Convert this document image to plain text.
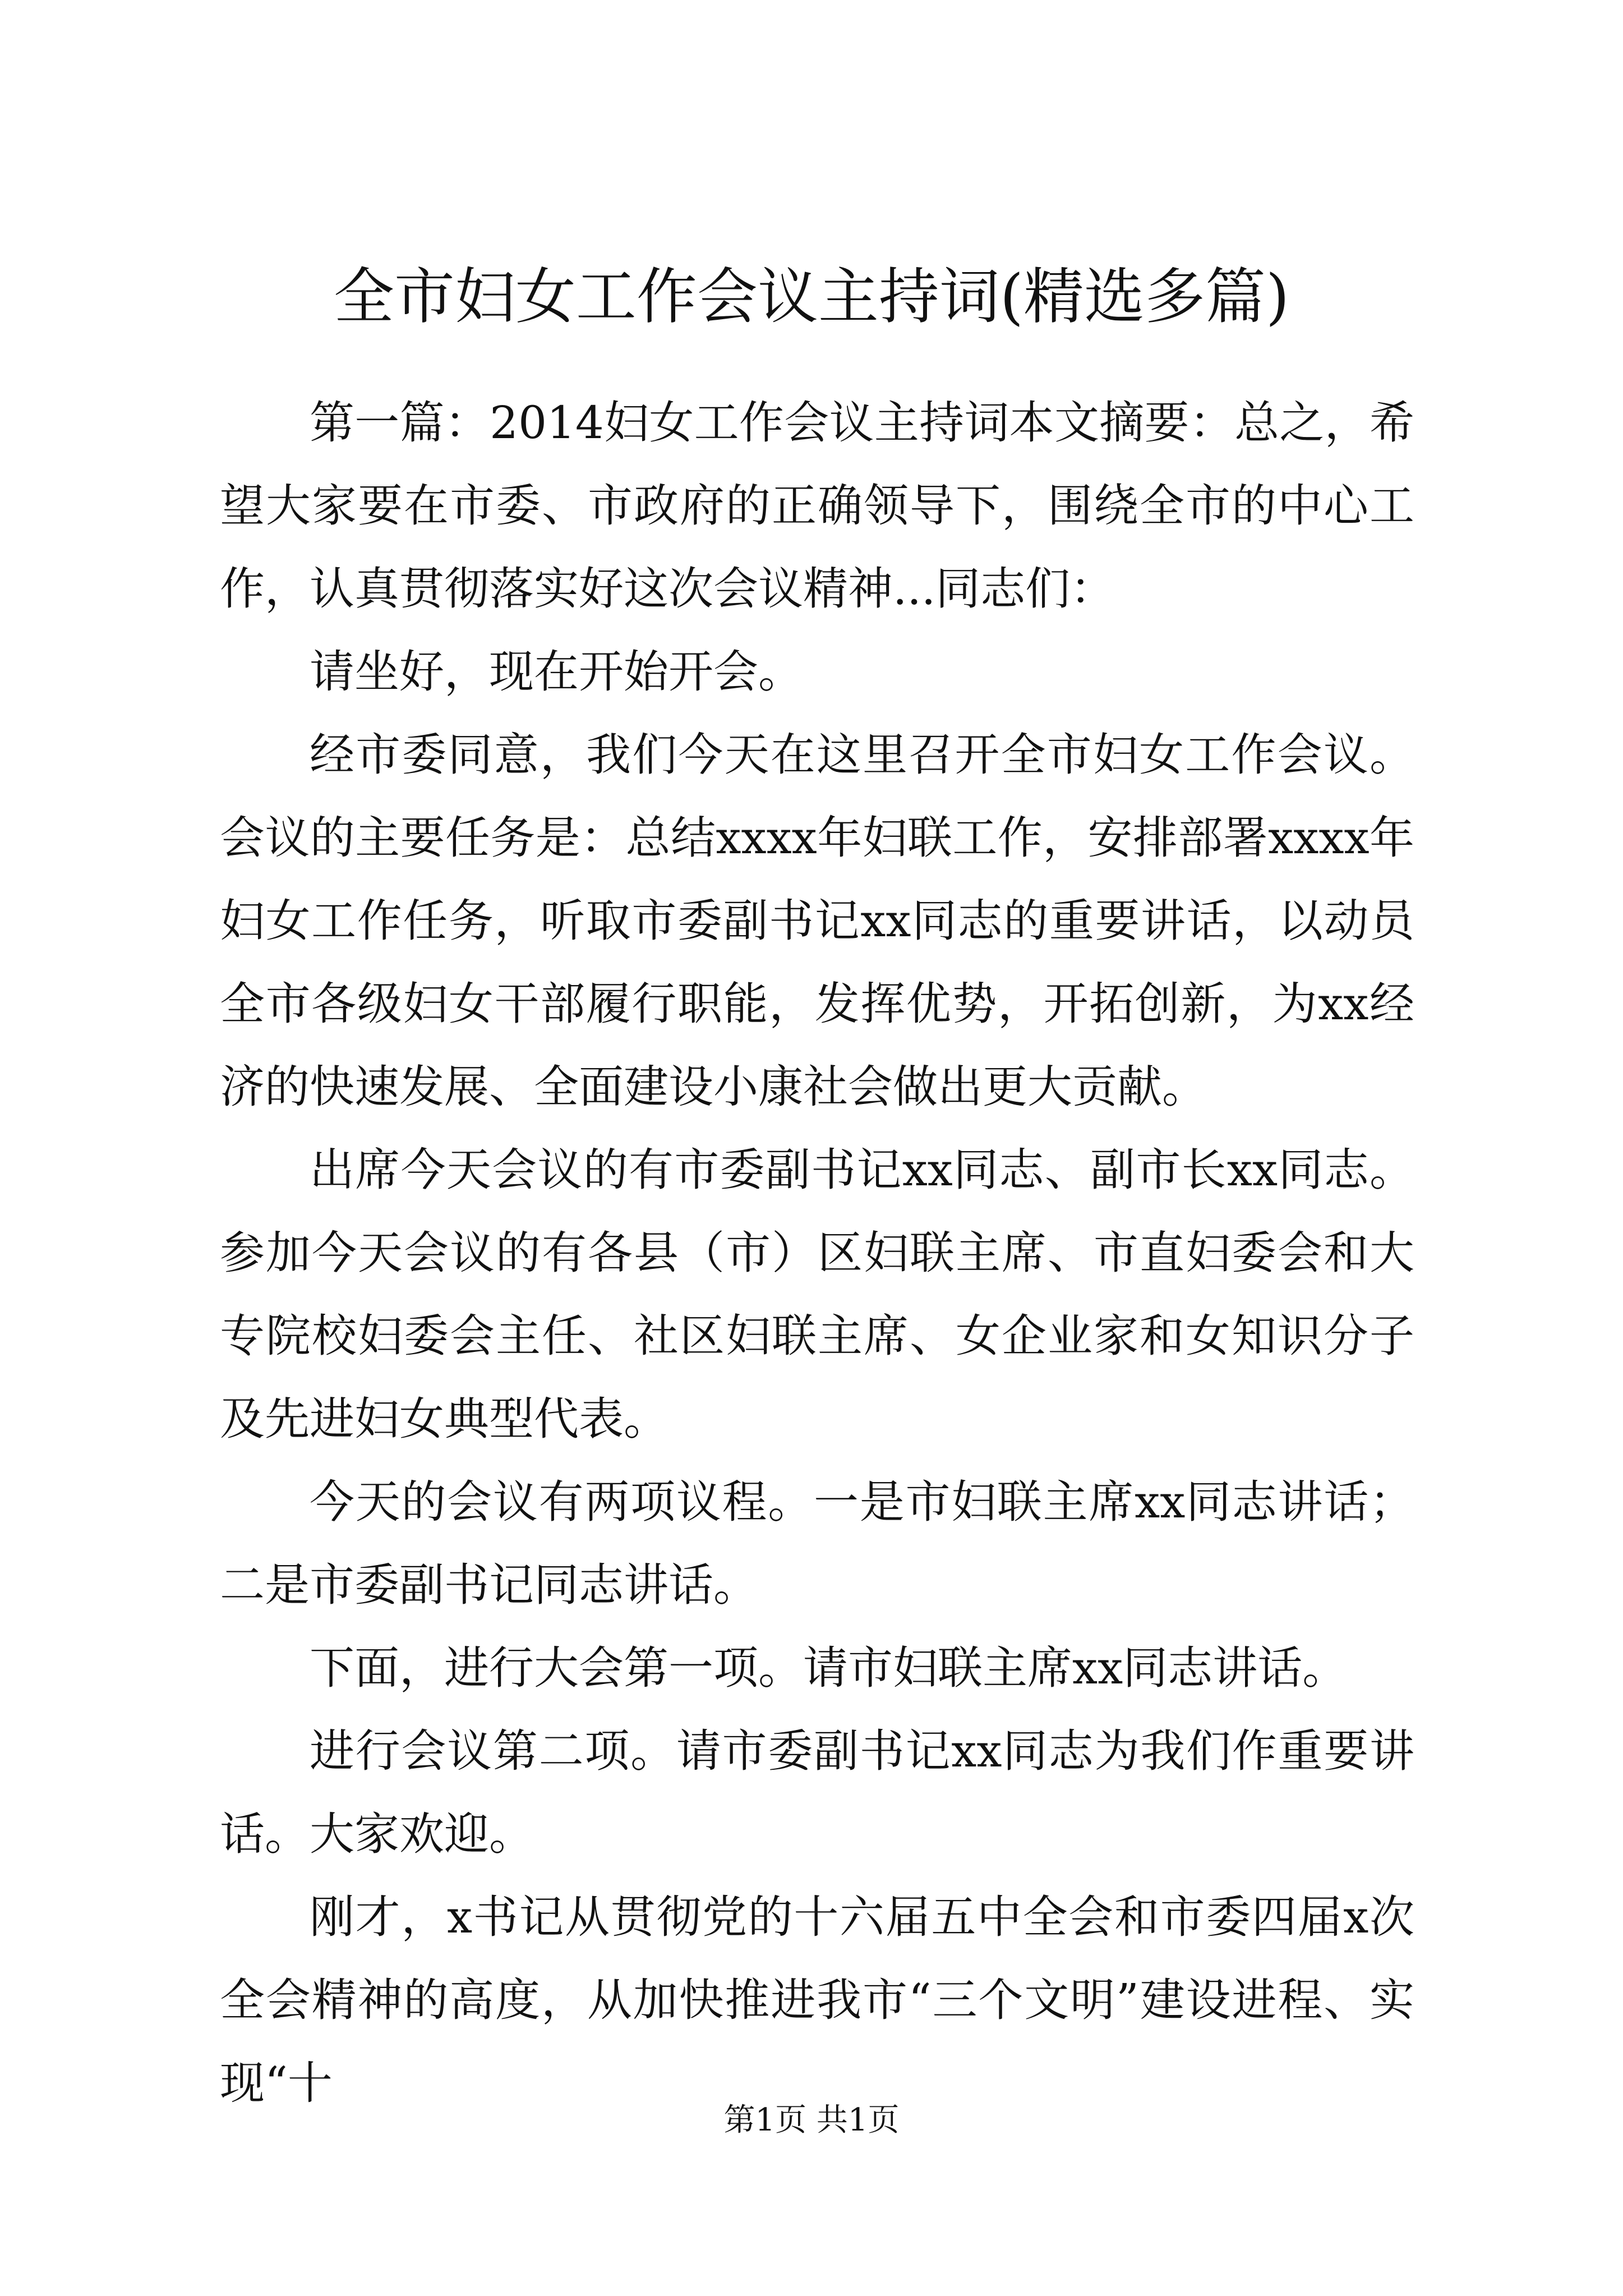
全市妇女工作会议主持词(精选多篇)

第一篇：2014妇女工作会议主持词本文摘要：总之，希望大家要在市委、市政府的正确领导下，围绕全市的中心工作，认真贯彻落实好这次会议精神...同志们：

请坐好，现在开始开会。

经市委同意，我们今天在这里召开全市妇女工作会议。会议的主要任务是：总结xxxx年妇联工作，安排部署xxxx年妇女工作任务，听取市委副书记xx同志的重要讲话，以动员全市各级妇女干部履行职能，发挥优势，开拓创新，为xx经济的快速发展、全面建设小康社会做出更大贡献。

出席今天会议的有市委副书记xx同志、副市长xx同志。参加今天会议的有各县（市）区妇联主席、市直妇委会和大专院校妇委会主任、社区妇联主席、女企业家和女知识分子及先进妇女典型代表。

今天的会议有两项议程。一是市妇联主席xx同志讲话；二是市委副书记同志讲话。

下面，进行大会第一项。请市妇联主席xx同志讲话。

进行会议第二项。请市委副书记xx同志为我们作重要讲话。大家欢迎。

刚才，x书记从贯彻党的十六届五中全会和市委四届x次全会精神的高度，从加快推进我市“三个文明”建设进程、实现“十

第1页 共1页
